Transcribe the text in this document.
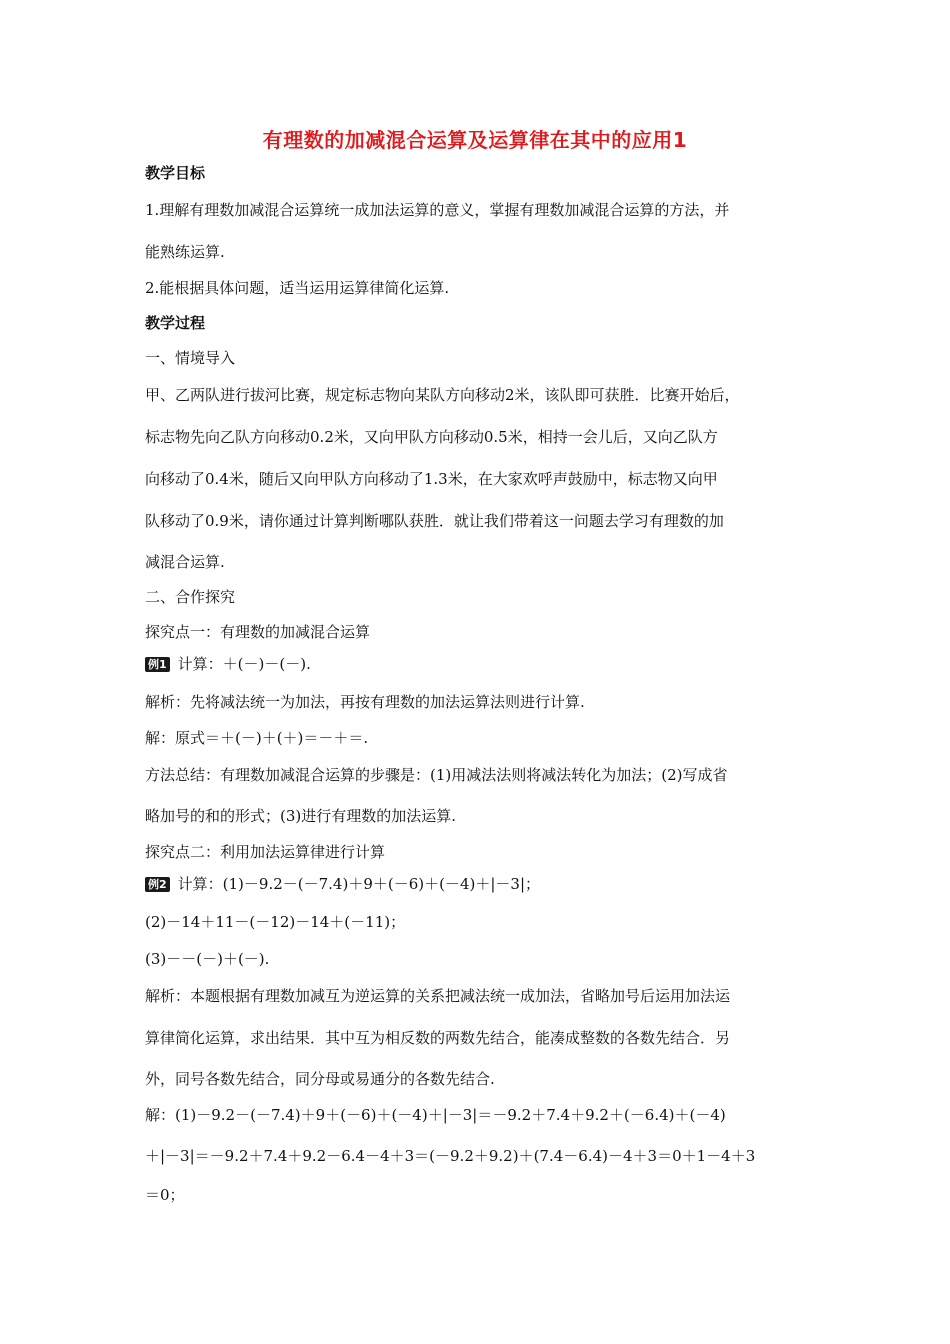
有理数的加减混合运算及运算律在其中的应用1
教学目标
1.理解有理数加减混合运算统一成加法运算的意义，掌握有理数加减混合运算的方法，并
能熟练运算.
2.能根据具体问题，适当运用运算律简化运算.
教学过程
一、情境导入
甲、乙两队进行拔河比赛，规定标志物向某队方向移动2米，该队即可获胜．比赛开始后，
标志物先向乙队方向移动0.2米，又向甲队方向移动0.5米，相持一会儿后，又向乙队方
向移动了0.4米，随后又向甲队方向移动了1.3米，在大家欢呼声鼓励中，标志物又向甲
队移动了0.9米，请你通过计算判断哪队获胜．就让我们带着这一问题去学习有理数的加
减混合运算.
二、合作探究
探究点一：有理数的加减混合运算
例1 计算：＋(－)－(－).
解析：先将减法统一为加法，再按有理数的加法运算法则进行计算.
解：原式＝＋(－)＋(＋)＝－＋＝.
方法总结：有理数加减混合运算的步骤是：(1)用减法法则将减法转化为加法；(2)写成省
略加号的和的形式；(3)进行有理数的加法运算.
探究点二：利用加法运算律进行计算
例2 计算：(1)－9.2－(－7.4)＋9＋(－6)＋(－4)＋|－3|；
(2)－14＋11－(－12)－14＋(－11)；
(3)－－(－)＋(－).
解析：本题根据有理数加减互为逆运算的关系把减法统一成加法，省略加号后运用加法运
算律简化运算，求出结果．其中互为相反数的两数先结合，能凑成整数的各数先结合．另
外，同号各数先结合，同分母或易通分的各数先结合.
解：(1)－9.2－(－7.4)＋9＋(－6)＋(－4)＋|－3|＝－9.2＋7.4＋9.2＋(－6.4)＋(－4)
＋|－3|＝－9.2＋7.4＋9.2－6.4－4＋3＝(－9.2＋9.2)＋(7.4－6.4)－4＋3＝0＋1－4＋3
＝0；
